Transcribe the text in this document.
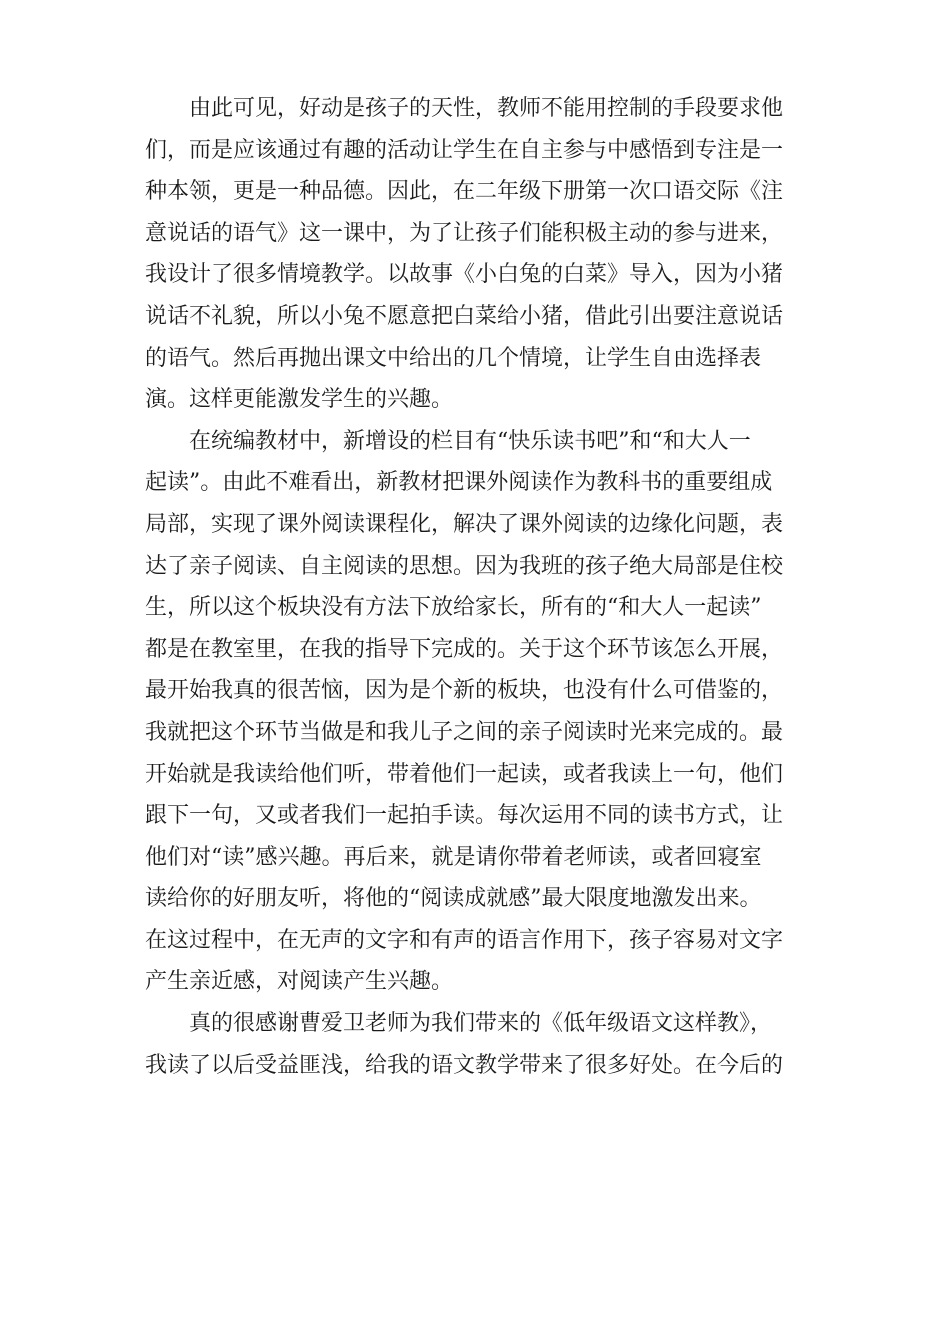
由此可见，好动是孩子的天性，教师不能用控制的手段要求他
们，而是应该通过有趣的活动让学生在自主参与中感悟到专注是一
种本领，更是一种品德。因此，在二年级下册第一次口语交际《注
意说话的语气》这一课中，为了让孩子们能积极主动的参与进来，
我设计了很多情境教学。以故事《小白兔的白菜》导入，因为小猪
说话不礼貌，所以小兔不愿意把白菜给小猪，借此引出要注意说话
的语气。然后再抛出课文中给出的几个情境，让学生自由选择表
演。这样更能激发学生的兴趣。
在统编教材中，新增设的栏目有“快乐读书吧”和“和大人一
起读”。由此不难看出，新教材把课外阅读作为教科书的重要组成
局部，实现了课外阅读课程化，解决了课外阅读的边缘化问题，表
达了亲子阅读、自主阅读的思想。因为我班的孩子绝大局部是住校
生，所以这个板块没有方法下放给家长，所有的“和大人一起读”
都是在教室里，在我的指导下完成的。关于这个环节该怎么开展，
最开始我真的很苦恼，因为是个新的板块，也没有什么可借鉴的，
我就把这个环节当做是和我儿子之间的亲子阅读时光来完成的。最
开始就是我读给他们听，带着他们一起读，或者我读上一句，他们
跟下一句，又或者我们一起拍手读。每次运用不同的读书方式，让
他们对“读”感兴趣。再后来，就是请你带着老师读，或者回寝室
读给你的好朋友听，将他的“阅读成就感”最大限度地激发出来。
在这过程中，在无声的文字和有声的语言作用下，孩子容易对文字
产生亲近感，对阅读产生兴趣。
真的很感谢曹爱卫老师为我们带来的《低年级语文这样教》，
我读了以后受益匪浅，给我的语文教学带来了很多好处。在今后的
